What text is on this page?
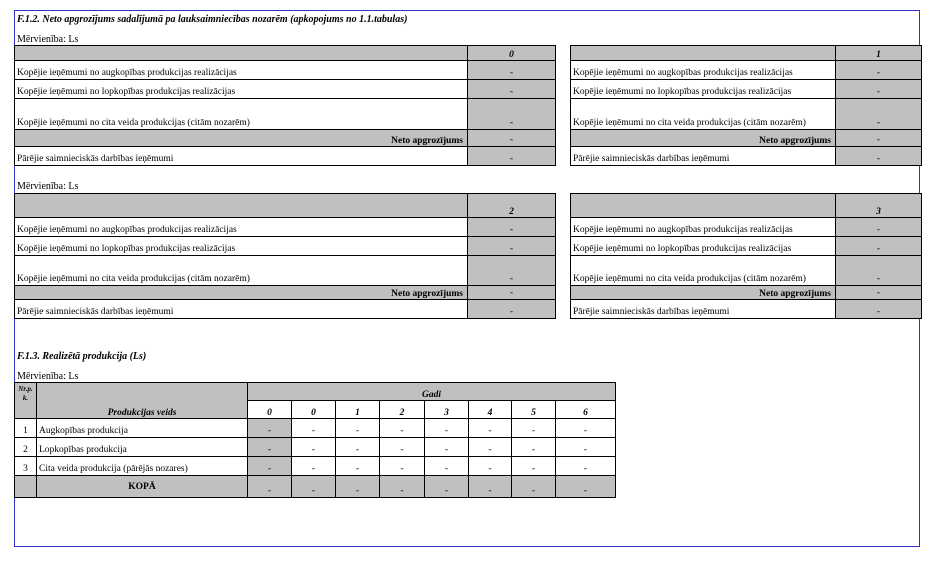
F.1.2. Neto apgrozījums sadalījumā pa lauksaimniecības nozarēm (apkopojums no 1.1.tabulas)
Mērvienība: Ls
	0
Kopējie ieņēmumi no augkopības produkcijas realizācijas	-
Kopējie ieņēmumi no lopkopības produkcijas realizācijas	-
Kopējie ieņēmumi no cita veida produkcijas (citām nozarēm)	-
Neto apgrozījums	-
Pārējie saimnieciskās darbības ieņēmumi	-
	1
Kopējie ieņēmumi no augkopības produkcijas realizācijas	-
Kopējie ieņēmumi no lopkopības produkcijas realizācijas	-
Kopējie ieņēmumi no cita veida produkcijas (citām nozarēm)	-
Neto apgrozījums	-
Pārējie saimnieciskās darbības ieņēmumi	-
Mērvienība: Ls
	2
Kopējie ieņēmumi no augkopības produkcijas realizācijas	-
Kopējie ieņēmumi no lopkopības produkcijas realizācijas	-
Kopējie ieņēmumi no cita veida produkcijas (citām nozarēm)	-
Neto apgrozījums	-
Pārējie saimnieciskās darbības ieņēmumi	-
	3
Kopējie ieņēmumi no augkopības produkcijas realizācijas	-
Kopējie ieņēmumi no lopkopības produkcijas realizācijas	-
Kopējie ieņēmumi no cita veida produkcijas (citām nozarēm)	-
Neto apgrozījums	-
Pārējie saimnieciskās darbības ieņēmumi	-
F.1.3. Realizētā produkcija (Ls)
Mērvienība: Ls
Nr.p. k.	Produkcijas veids	Gadi							
		0	0	1	2	3	4	5	6
1	Augkopības produkcija	-	-	-	-	-	-	-	-
2	Lopkopības produkcija	-	-	-	-	-	-	-	-
3	Cita veida produkcija (pārējās nozares)	-	-	-	-	-	-	-	-
	KOPĀ	-	-	-	-	-	-	-	-
